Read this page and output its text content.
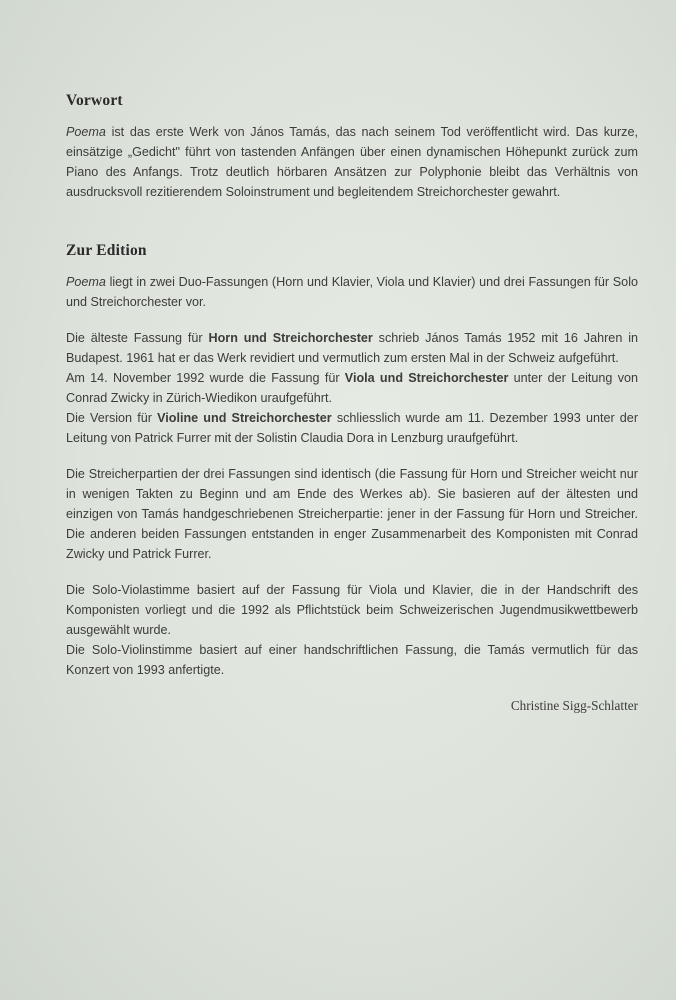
Vorwort

Poema ist das erste Werk von János Tamás, das nach seinem Tod veröffentlicht wird. Das kurze, einsätzige „Gedicht" führt von tastenden Anfängen über einen dynamischen Höhepunkt zurück zum Piano des Anfangs. Trotz deutlich hörbaren Ansätzen zur Polyphonie bleibt das Verhältnis von ausdrucksvoll rezitierendem Soloinstrument und begleitendem Streichorchester gewahrt.

Zur Edition

Poema liegt in zwei Duo-Fassungen (Horn und Klavier, Viola und Klavier) und drei Fassungen für Solo und Streichorchester vor.

Die älteste Fassung für Horn und Streichorchester schrieb János Tamás 1952 mit 16 Jahren in Budapest. 1961 hat er das Werk revidiert und vermutlich zum ersten Mal in der Schweiz aufgeführt.
Am 14. November 1992 wurde die Fassung für Viola und Streichorchester unter der Leitung von Conrad Zwicky in Zürich-Wiedikon uraufgeführt.
Die Version für Violine und Streichorchester schliesslich wurde am 11. Dezember 1993 unter der Leitung von Patrick Furrer mit der Solistin Claudia Dora in Lenzburg uraufgeführt.

Die Streicherpartien der drei Fassungen sind identisch (die Fassung für Horn und Streicher weicht nur in wenigen Takten zu Beginn und am Ende des Werkes ab). Sie basieren auf der ältesten und einzigen von Tamás handgeschriebenen Streicherpartie: jener in der Fassung für Horn und Streicher. Die anderen beiden Fassungen entstanden in enger Zusammenarbeit des Komponisten mit Conrad Zwicky und Patrick Furrer.

Die Solo-Violastimme basiert auf der Fassung für Viola und Klavier, die in der Handschrift des Komponisten vorliegt und die 1992 als Pflichtstück beim Schweizerischen Jugendmusikwettbewerb ausgewählt wurde.
Die Solo-Violinstimme basiert auf einer handschriftlichen Fassung, die Tamás vermutlich für das Konzert von 1993 anfertigte.

Christine Sigg-Schlatter
